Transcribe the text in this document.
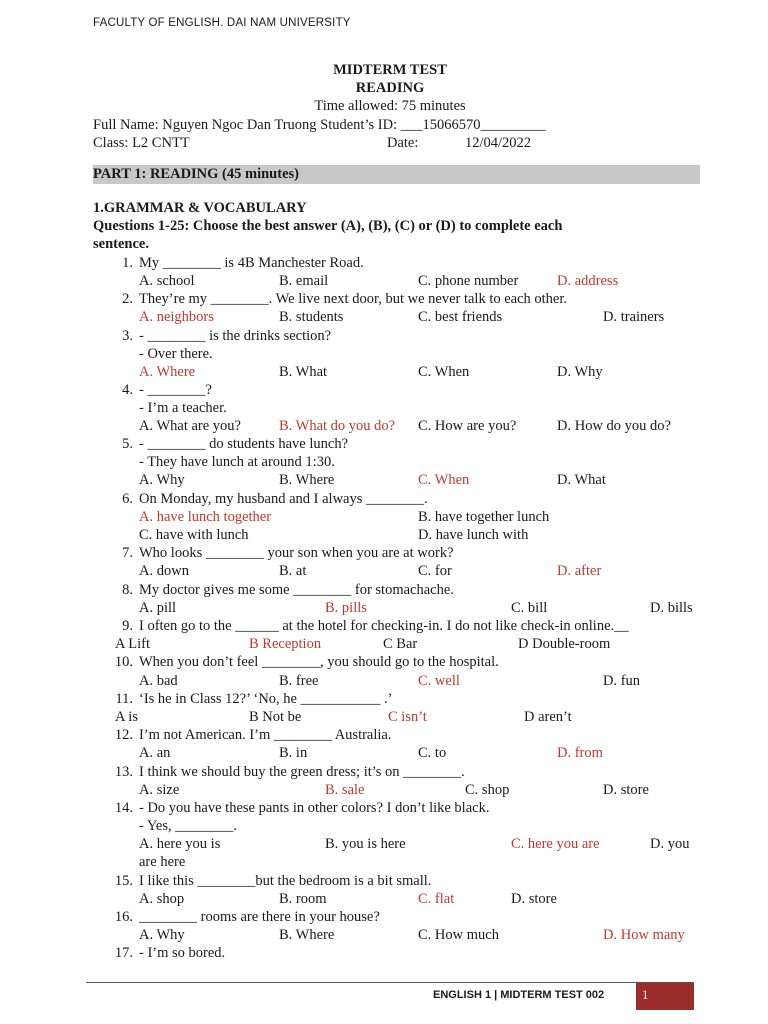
FACULTY OF ENGLISH. DAI NAM UNIVERSITY
MIDTERM TEST
READING
Time allowed: 75 minutes
Full Name: Nguyen Ngoc Dan Truong Student’s ID: ___15066570_________
Class: L2 CNTT	Date:	12/04/2022
PART 1: READING (45 minutes)
1.GRAMMAR & VOCABULARY
Questions 1-25: Choose the best answer (A), (B), (C) or (D) to complete each
sentence.
1. My ________ is 4B Manchester Road.
A. school	B. email	C. phone number	D. address
2. They’re my ________. We live next door, but we never talk to each other.
A. neighbors	B. students	C. best friends	D. trainers
3. - ________ is the drinks section?
- Over there.
A. Where	B. What	C. When	D. Why
4. - ________?
- I’m a teacher.
A. What are you?	B. What do you do? C. How are you?	D. How do you do?
5. - ________ do students have lunch?
- They have lunch at around 1:30.
A. Why	B. Where	C. When	D. What
6. On Monday, my husband and I always ________.
A. have lunch together	B. have together lunch
C. have with lunch	D. have lunch with
7. Who looks ________ your son when you are at work?
A. down	B. at	C. for	D. after
8. My doctor gives me some ________ for stomachache.
A. pill	B. pills	C. bill	D. bills
9. I often go to the ______ at the hotel for checking-in. I do not like check-in online.__
A Lift	B Reception	C Bar	D Double-room
10. When you don’t feel ________, you should go to the hospital.
A. bad	B. free	C. well	D. fun
11. ‘Is he in Class 12?’ ‘No, he ___________ .’
A is	B Not be	C isn’t	D aren’t
12. I’m not American. I’m ________ Australia.
A. an	B. in	C. to	D. from
13. I think we should buy the green dress; it’s on ________.
A. size	B. sale	C. shop	D. store
14. - Do you have these pants in other colors? I don’t like black.
- Yes, ________.
A. here you is	B. you is here	C. here you are	D. you
are here
15. I like this ________but the bedroom is a bit small.
A. shop	B. room	C. flat	D. store
16. ________ rooms are there in your house?
A. Why	B. Where	C. How much	D. How many
17. - I’m so bored.
ENGLISH 1 | MIDTERM TEST 002	1
